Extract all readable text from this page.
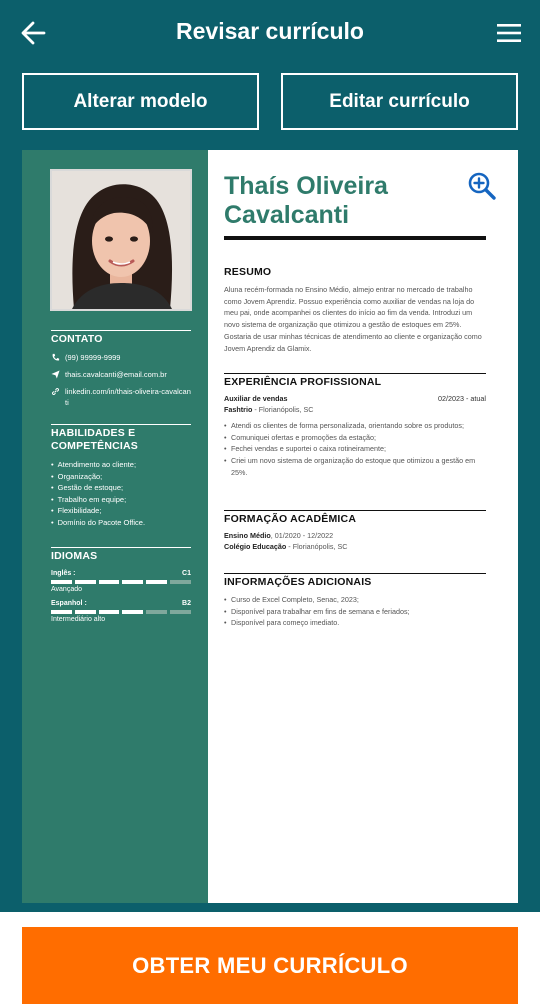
Revisar currículo
Alterar modelo	Editar currículo
CONTATO
(99) 99999-9999
thais.cavalcanti@email.com.br
linkedin.com/in/thais-oliveira-cavalcanti
HABILIDADES E COMPETÊNCIAS
• Atendimento ao cliente;
• Organização;
• Gestão de estoque;
• Trabalho em equipe;
• Flexibilidade;
• Domínio do Pacote Office.
IDIOMAS
Inglês :	C1
Avançado
Espanhol :	B2
Intermediário alto
Thaís Oliveira Cavalcanti
RESUMO
Aluna recém-formada no Ensino Médio, almejo entrar no mercado de trabalho como Jovem Aprendiz. Possuo experiência como auxiliar de vendas na loja do meu pai, onde acompanhei os clientes do início ao fim da venda. Introduzi um novo sistema de organização que otimizou a gestão de estoques em 25%. Gostaria de usar minhas técnicas de atendimento ao cliente e organização como Jovem Aprendiz da Glamix.
EXPERIÊNCIA PROFISSIONAL
Auxiliar de vendas	02/2023 - atual
Fashtrio - Florianópolis, SC
• Atendi os clientes de forma personalizada, orientando sobre os produtos;
• Comuniquei ofertas e promoções da estação;
• Fechei vendas e suportei o caixa rotineiramente;
• Criei um novo sistema de organização do estoque que otimizou a gestão em 25%.
FORMAÇÃO ACADÊMICA
Ensino Médio, 01/2020 - 12/2022
Colégio Educação - Florianópolis, SC
INFORMAÇÕES ADICIONAIS
• Curso de Excel Completo, Senac, 2023;
• Disponível para trabalhar em fins de semana e feriados;
• Disponível para começo imediato.
OBTER MEU CURRÍCULO
